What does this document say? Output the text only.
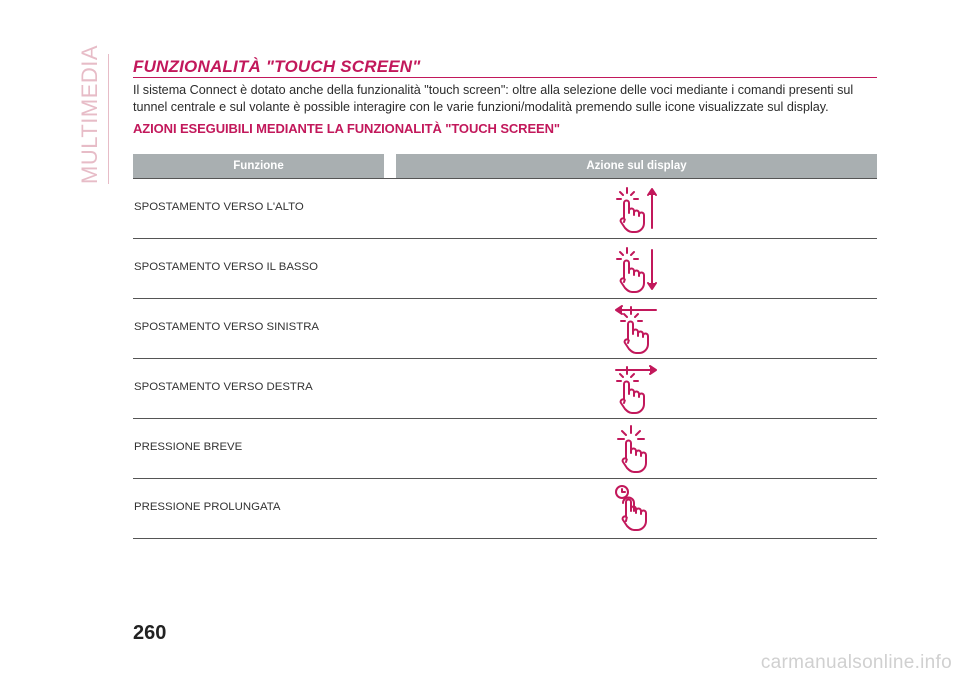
MULTIMEDIA	FUNZIONALITÀ "TOUCH SCREEN"
Il sistema Connect è dotato anche della funzionalità "touch screen": oltre alla selezione delle voci mediante i comandi presenti sul tunnel centrale e sul volante è possible interagire con le varie funzioni/modalità premendo sulle icone visualizzate sul display.
AZIONI ESEGUIBILI MEDIANTE LA FUNZIONALITÀ "TOUCH SCREEN"
Funzione	Azione sul display
SPOSTAMENTO VERSO L'ALTO
SPOSTAMENTO VERSO IL BASSO
SPOSTAMENTO VERSO SINISTRA
SPOSTAMENTO VERSO DESTRA
PRESSIONE BREVE
PRESSIONE PROLUNGATA
260
carmanualsonline.info
